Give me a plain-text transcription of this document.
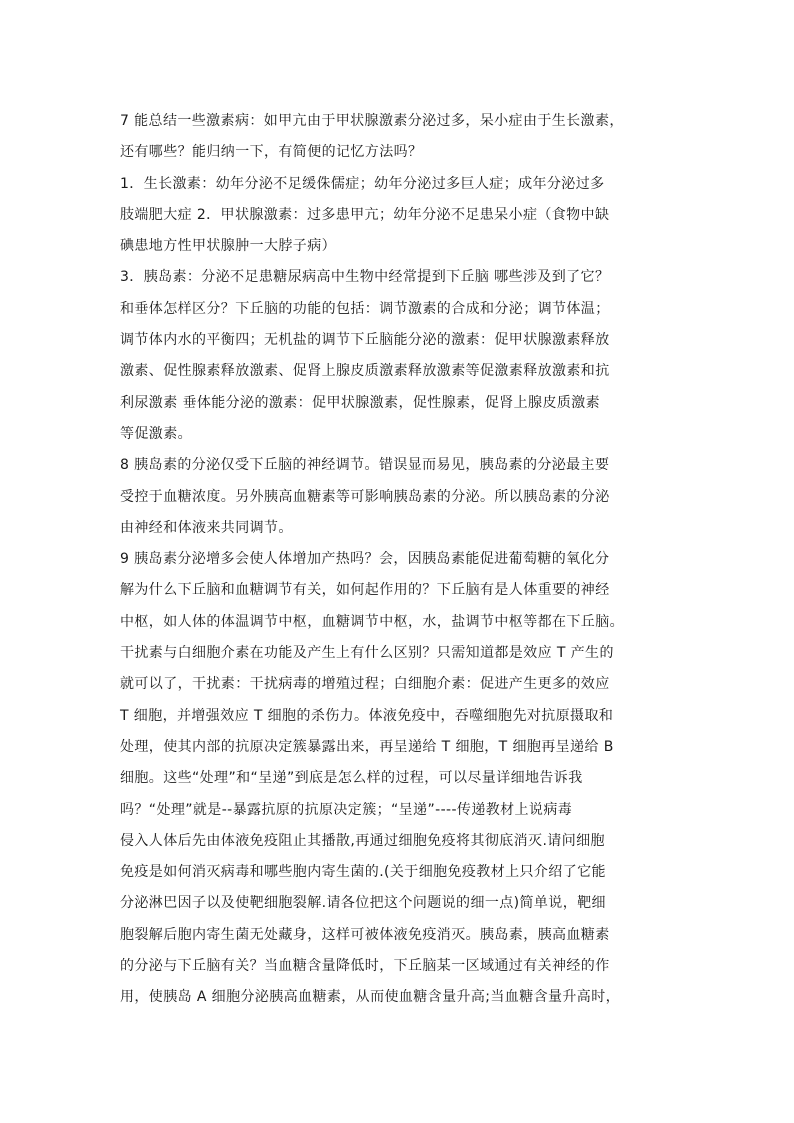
7 能总结一些激素病：如甲亢由于甲状腺激素分泌过多，呆小症由于生长激素，
还有哪些？能归纳一下，有简便的记忆方法吗？
1．生长激素：幼年分泌不足缓侏儒症；幼年分泌过多巨人症；成年分泌过多
肢端肥大症 2．甲状腺激素：过多患甲亢；幼年分泌不足患呆小症（食物中缺
碘患地方性甲状腺肿一大脖子病）
3．胰岛素：分泌不足患糖尿病高中生物中经常提到下丘脑 哪些涉及到了它？
和垂体怎样区分？下丘脑的功能的包括：调节激素的合成和分泌；调节体温；
调节体内水的平衡四；无机盐的调节下丘脑能分泌的激素：促甲状腺激素释放
激素、促性腺素释放激素、促肾上腺皮质激素释放激素等促激素释放激素和抗
利尿激素 垂体能分泌的激素：促甲状腺激素，促性腺素，促肾上腺皮质激素
等促激素。
8 胰岛素的分泌仅受下丘脑的神经调节。错误显而易见，胰岛素的分泌最主要
受控于血糖浓度。另外胰高血糖素等可影响胰岛素的分泌。所以胰岛素的分泌
由神经和体液来共同调节。
9 胰岛素分泌增多会使人体增加产热吗？会，因胰岛素能促进葡萄糖的氧化分
解为什么下丘脑和血糖调节有关，如何起作用的？下丘脑有是人体重要的神经
中枢，如人体的体温调节中枢，血糖调节中枢，水，盐调节中枢等都在下丘脑。
干扰素与白细胞介素在功能及产生上有什么区别？只需知道都是效应 T 产生的
就可以了，干扰素：干扰病毒的增殖过程；白细胞介素：促进产生更多的效应
T 细胞，并增强效应 T 细胞的杀伤力。体液免疫中，吞噬细胞先对抗原摄取和
处理，使其内部的抗原决定簇暴露出来，再呈递给 T 细胞，T 细胞再呈递给 B
细胞。这些“处理”和“呈递”到底是怎么样的过程，可以尽量详细地告诉我
吗？“处理”就是--暴露抗原的抗原决定簇；“呈递”----传递教材上说病毒
侵入人体后先由体液免疫阻止其播散,再通过细胞免疫将其彻底消灭.请问细胞
免疫是如何消灭病毒和哪些胞内寄生菌的.(关于细胞免疫教材上只介绍了它能
分泌淋巴因子以及使靶细胞裂解.请各位把这个问题说的细一点)简单说，靶细
胞裂解后胞内寄生菌无处藏身，这样可被体液免疫消灭。胰岛素，胰高血糖素
的分泌与下丘脑有关？当血糖含量降低时，下丘脑某一区域通过有关神经的作
用，使胰岛 A 细胞分泌胰高血糖素，从而使血糖含量升高;当血糖含量升高时，
